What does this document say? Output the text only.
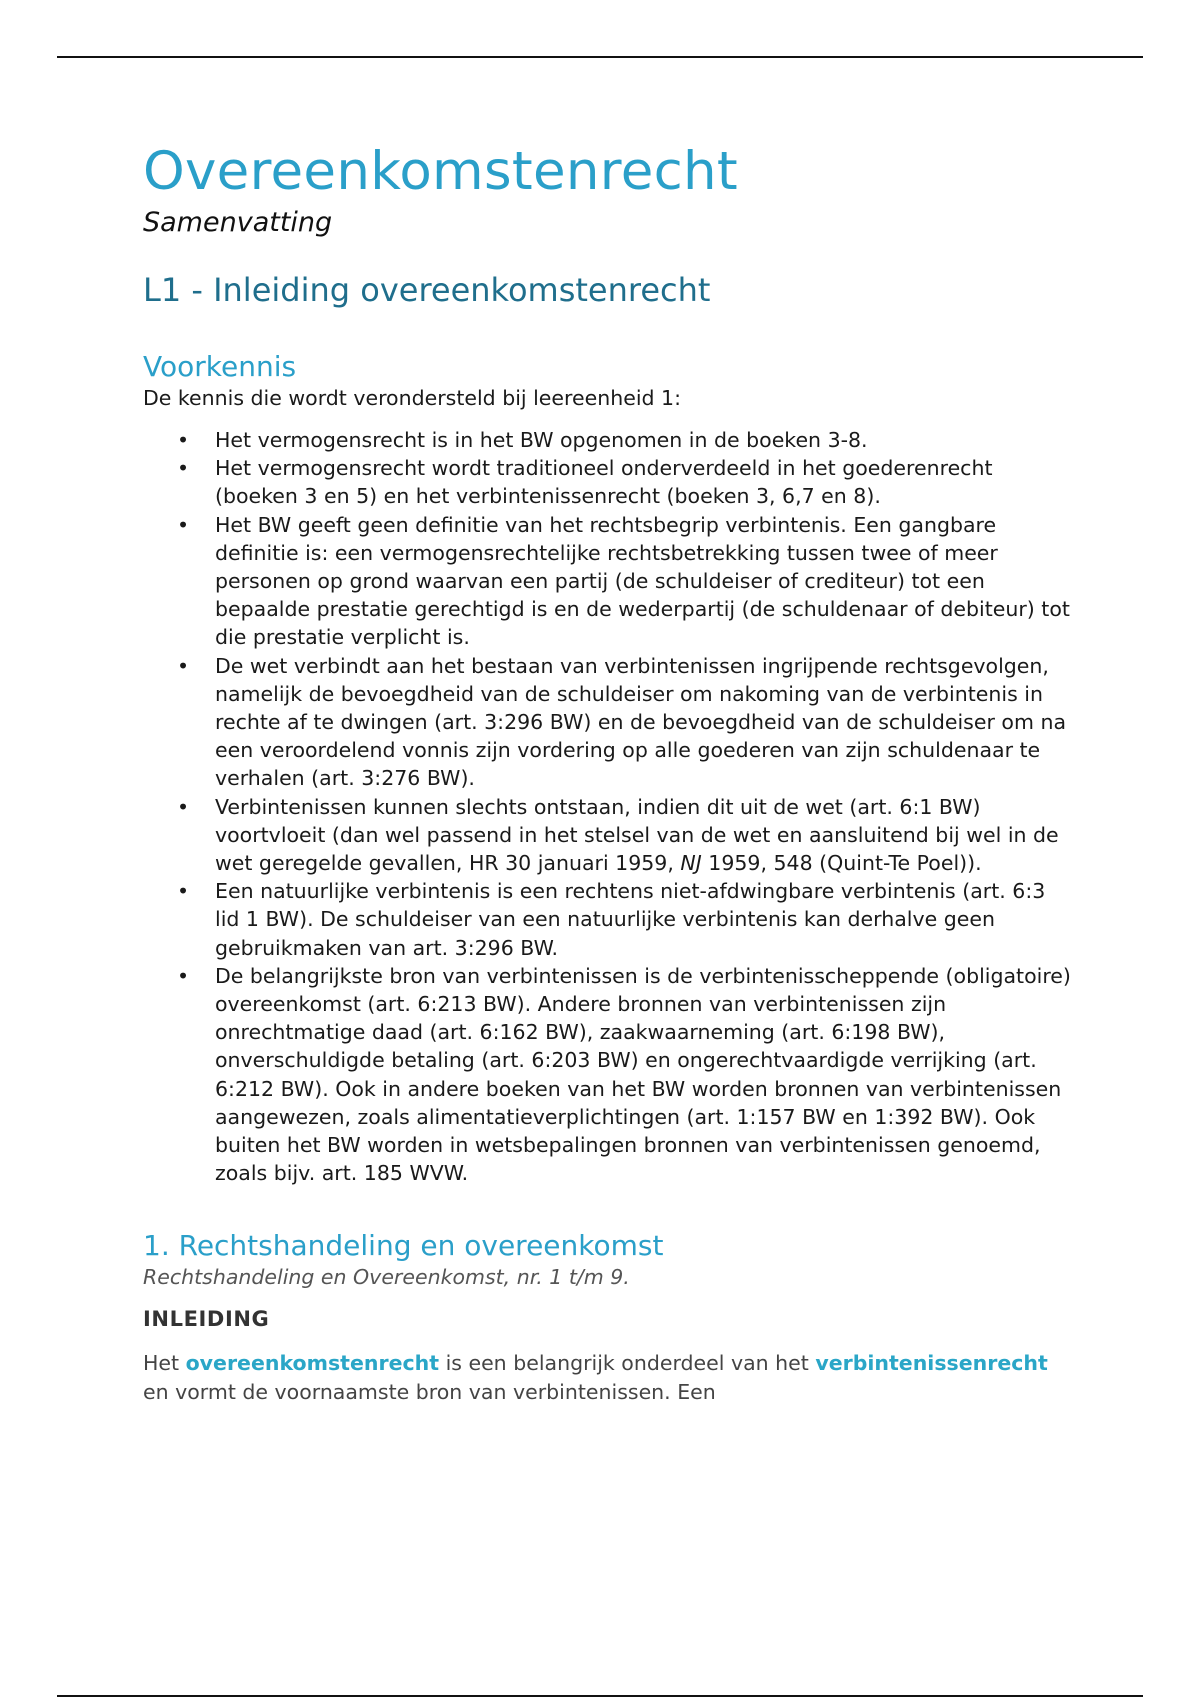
Overeenkomstenrecht

Samenvatting

L1 - Inleiding overeenkomstenrecht
Voorkennis

De kennis die wordt verondersteld bij leereenheid 1:

• Het vermogensrecht is in het BW opgenomen in de boeken 3-8.
• Het vermogensrecht wordt traditioneel onderverdeeld in het goederenrecht (boeken 3 en 5) en het verbintenissenrecht (boeken 3, 6,7 en 8).
• Het BW geeft geen definitie van het rechtsbegrip verbintenis. Een gangbare definitie is: een vermogensrechtelijke rechtsbetrekking tussen twee of meer personen op grond waarvan een partij (de schuldeiser of crediteur) tot een bepaalde prestatie gerechtigd is en de wederpartij (de schuldenaar of debiteur) tot die prestatie verplicht is.
• De wet verbindt aan het bestaan van verbintenissen ingrijpende rechtsgevolgen, namelijk de bevoegdheid van de schuldeiser om nakoming van de verbintenis in rechte af te dwingen (art. 3:296 BW) en de bevoegdheid van de schuldeiser om na een veroordelend vonnis zijn vordering op alle goederen van zijn schuldenaar te verhalen (art. 3:276 BW).
• Verbintenissen kunnen slechts ontstaan, indien dit uit de wet (art. 6:1 BW) voortvloeit (dan wel passend in het stelsel van de wet en aansluitend bij wel in de wet geregelde gevallen, HR 30 januari 1959, NJ 1959, 548 (Quint-Te Poel)).
• Een natuurlijke verbintenis is een rechtens niet-afdwingbare verbintenis (art. 6:3 lid 1 BW). De schuldeiser van een natuurlijke verbintenis kan derhalve geen gebruikmaken van art. 3:296 BW.
• De belangrijkste bron van verbintenissen is de verbintenisscheppende (obligatoire) overeenkomst (art. 6:213 BW). Andere bronnen van verbintenissen zijn onrechtmatige daad (art. 6:162 BW), zaakwaarneming (art. 6:198 BW), onverschuldigde betaling (art. 6:203 BW) en ongerechtvaardigde verrijking (art. 6:212 BW). Ook in andere boeken van het BW worden bronnen van verbintenissen aangewezen, zoals alimentatieverplichtingen (art. 1:157 BW en 1:392 BW). Ook buiten het BW worden in wetsbepalingen bronnen van verbintenissen genoemd, zoals bijv. art. 185 WVW.
1. Rechtshandeling en overeenkomst

Rechtshandeling en Overeenkomst, nr. 1 t/m 9.

INLEIDING

Het overeenkomstenrecht is een belangrijk onderdeel van het verbintenissenrecht en vormt de voornaamste bron van verbintenissen. Een
